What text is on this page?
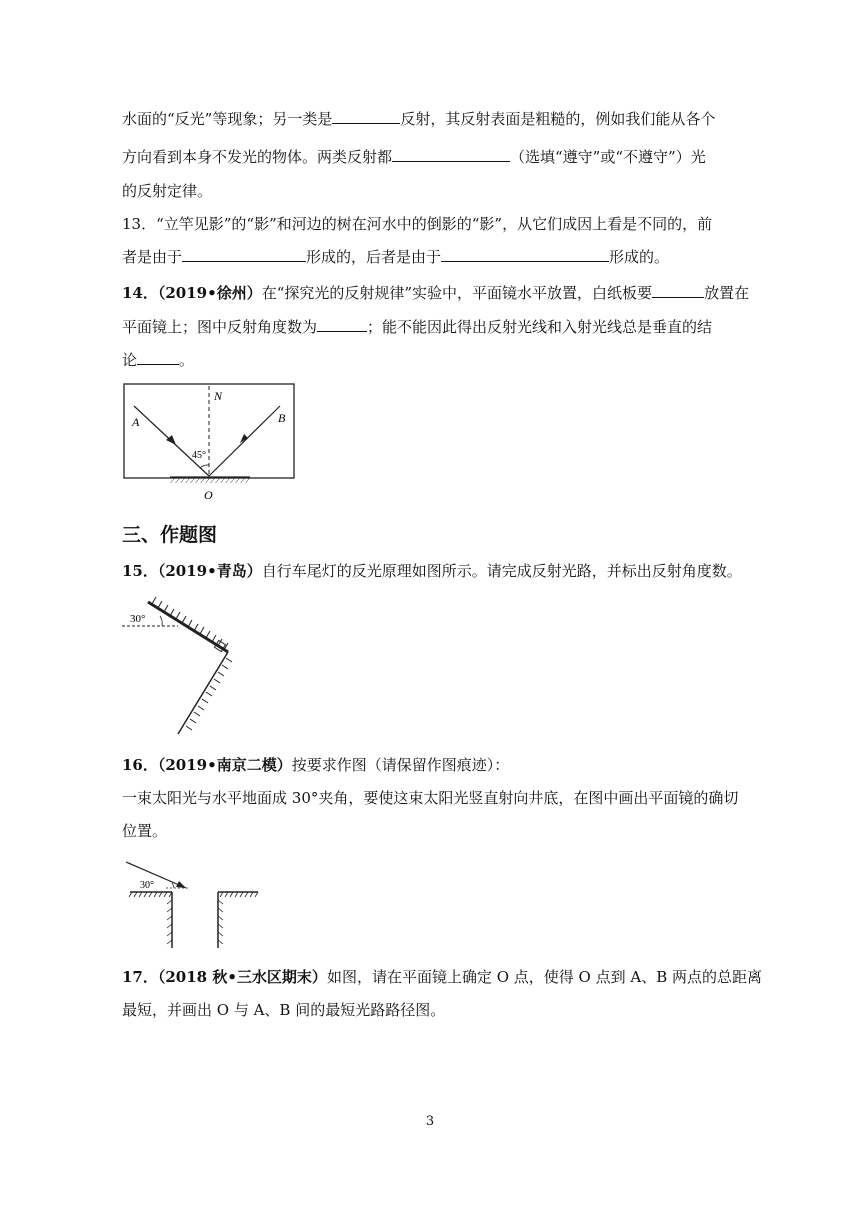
水面的“反光”等现象；另一类是	反射，其反射表面是粗糙的，例如我们能从各个
方向看到本身不发光的物体。两类反射都	（选填“遵守”或“不遵守”）光
的反射定律。
13．“立竿见影”的“影”和河边的树在河水中的倒影的“影”，从它们成因上看是不同的，前
者是由于	形成的，后者是由于	形成的。
14．（2019•徐州）在“探究光的反射规律”实验中，平面镜水平放置，白纸板要	放置在
平面镜上；图中反射角度数为	；能不能因此得出反射光线和入射光线总是垂直的结
论	。
A	B
N
O
45°
三、作题图
15．（2019•青岛）自行车尾灯的反光原理如图所示。请完成反射光路，并标出反射角度数。
30°
16．（2019•南京二模）按要求作图（请保留作图痕迹）：
一束太阳光与水平地面成 30°夹角，要使这束太阳光竖直射向井底，在图中画出平面镜的确切
位置。
30°
17．（2018 秋•三水区期末）如图，请在平面镜上确定 O 点，使得 O 点到 A、B 两点的总距离
最短，并画出 O 与 A、B 间的最短光路路径图。
3
